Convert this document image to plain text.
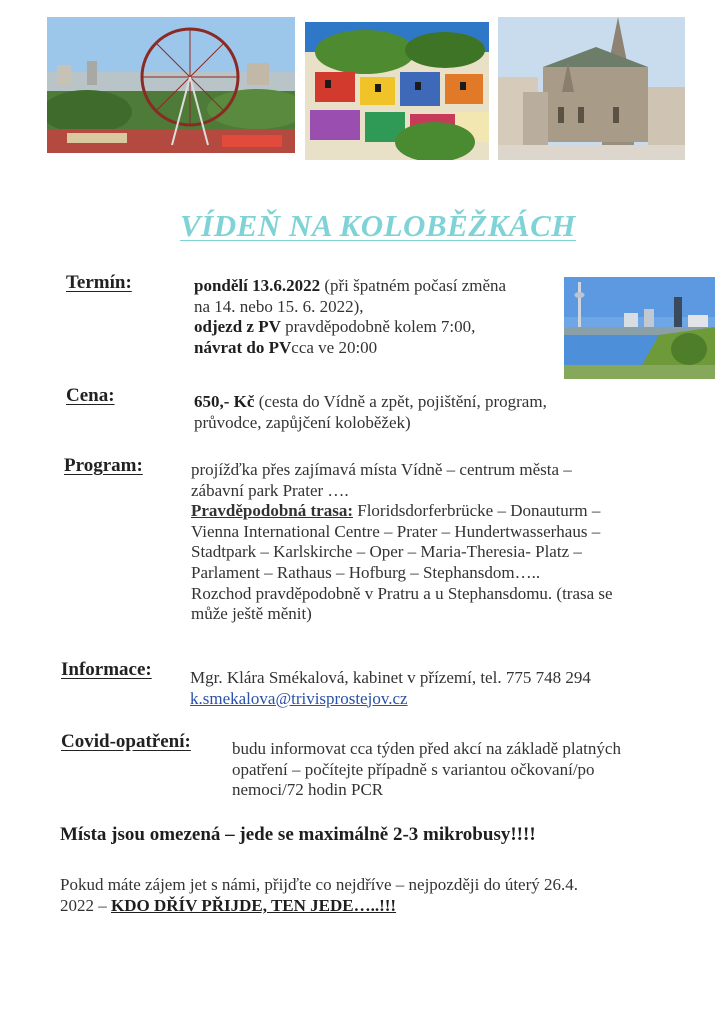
VÍDEŇ NA KOLOBĚŽKÁCH
Termín:	pondělí 13.6.2022 (při špatném počasí změna
na 14. nebo 15. 6. 2022),
odjezd z PV pravděpodobně kolem 7:00,
návrat do PVcca ve 20:00
Cena:	650,- Kč (cesta do Vídně a zpět, pojištění, program,
průvodce, zapůjčení koloběžek)
Program:	projížďka přes zajímavá místa Vídně – centrum města –
zábavní park Prater ….
Pravděpodobná trasa: Floridsdorferbrücke – Donauturm –
Vienna International Centre – Prater – Hundertwasserhaus –
Stadtpark – Karlskirche – Oper – Maria-Theresia- Platz –
Parlament – Rathaus – Hofburg – Stephansdom…..
Rozchod pravděpodobně v Pratru a u Stephansdomu. (trasa se
může ještě měnit)
Informace: Mgr. Klára Smékalová, kabinet v přízemí, tel. 775 748 294
k.smekalova@trivisprostejov.cz
Covid-opatření: budu informovat cca týden před akcí na základě platných
opatření – počítejte případně s variantou očkovaní/po
nemoci/72 hodin PCR
Místa jsou omezená – jede se maximálně 2-3 mikrobusy!!!!
Pokud máte zájem jet s námi, přijďte co nejdříve – nejpozději do úterý 26.4.
2022 – KDO DŘÍV PŘIJDE, TEN JEDE…..!!!
